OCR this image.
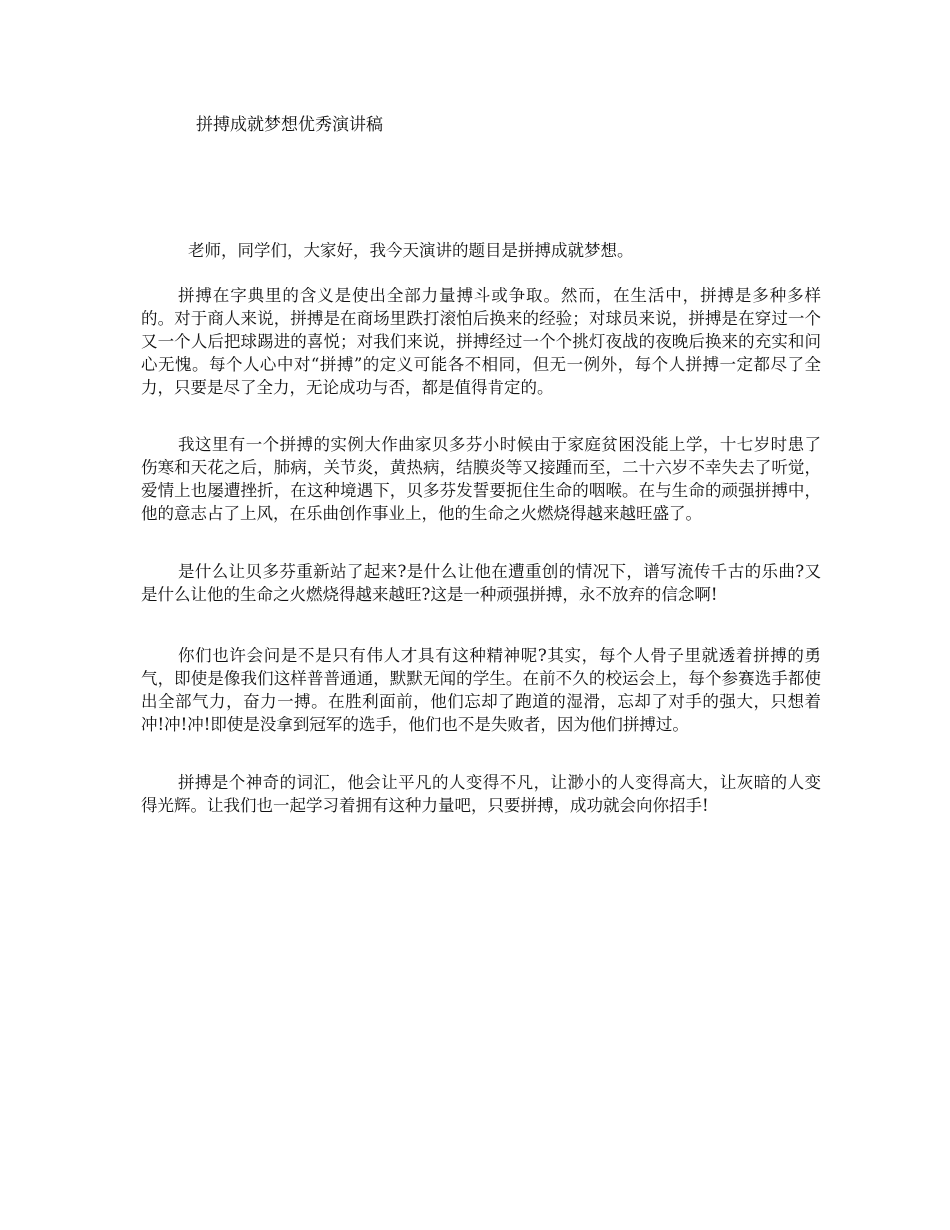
拼搏成就梦想优秀演讲稿
老师，同学们，大家好，我今天演讲的题目是拼搏成就梦想。

拼搏在字典里的含义是使出全部力量搏斗或争取。然而，在生活中，拼搏是多种多样的。对于商人来说，拼搏是在商场里跌打滚怕后换来的经验；对球员来说，拼搏是在穿过一个又一个人后把球踢进的喜悦；对我们来说，拼搏经过一个个挑灯夜战的夜晚后换来的充实和问心无愧。每个人心中对“拼搏”的定义可能各不相同，但无一例外，每个人拼搏一定都尽了全力，只要是尽了全力，无论成功与否，都是值得肯定的。

我这里有一个拼搏的实例大作曲家贝多芬小时候由于家庭贫困没能上学，十七岁时患了伤寒和天花之后，肺病，关节炎，黄热病，结膜炎等又接踵而至，二十六岁不幸失去了听觉，爱情上也屡遭挫折，在这种境遇下，贝多芬发誓要扼住生命的咽喉。在与生命的顽强拼搏中，他的意志占了上风，在乐曲创作事业上，他的生命之火燃烧得越来越旺盛了。

是什么让贝多芬重新站了起来?是什么让他在遭重创的情况下，谱写流传千古的乐曲?又是什么让他的生命之火燃烧得越来越旺?这是一种顽强拼搏，永不放弃的信念啊!

你们也许会问是不是只有伟人才具有这种精神呢?其实，每个人骨子里就透着拼搏的勇气，即使是像我们这样普普通通，默默无闻的学生。在前不久的校运会上，每个参赛选手都使出全部气力，奋力一搏。在胜利面前，他们忘却了跑道的湿滑，忘却了对手的强大，只想着冲!冲!冲!即使是没拿到冠军的选手，他们也不是失败者，因为他们拼搏过。

拼搏是个神奇的词汇，他会让平凡的人变得不凡，让渺小的人变得高大，让灰暗的人变得光辉。让我们也一起学习着拥有这种力量吧，只要拼搏，成功就会向你招手!
